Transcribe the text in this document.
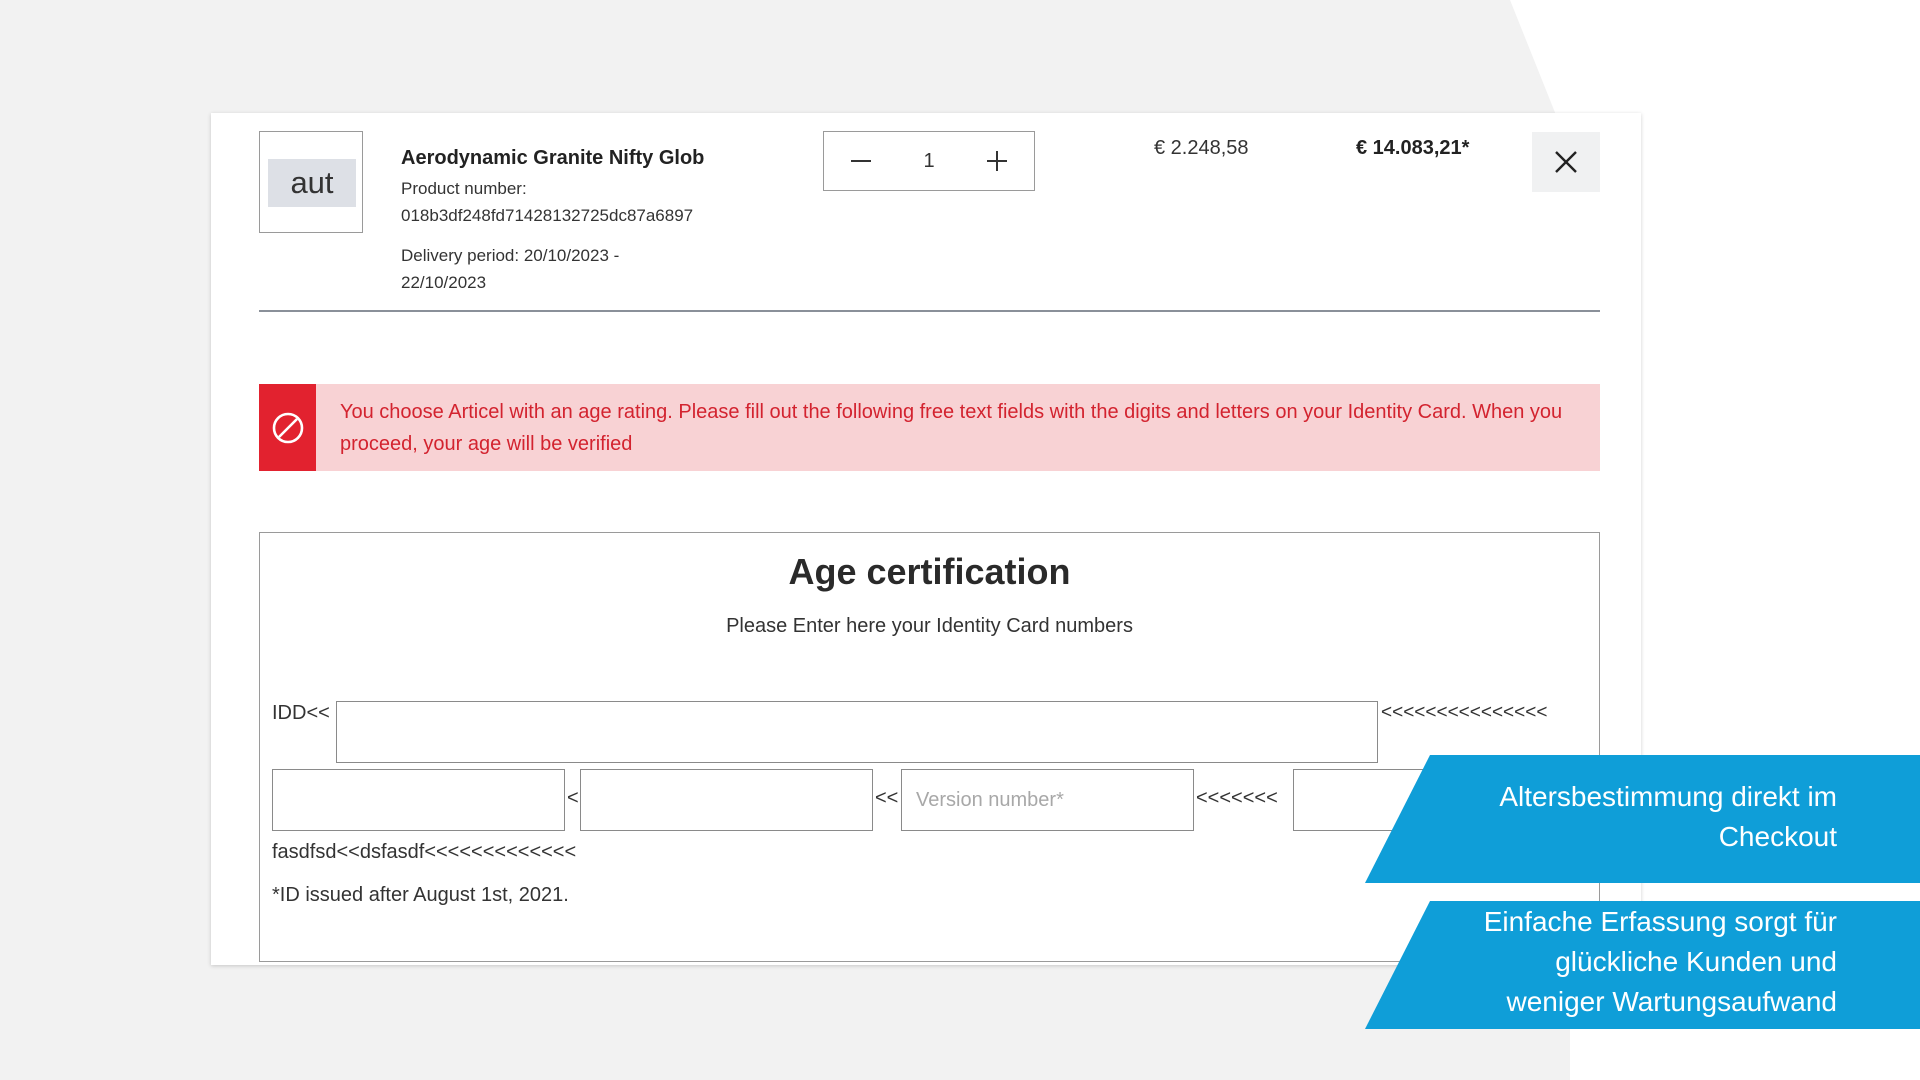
aut
Aerodynamic Granite Nifty Glob
Product number:
018b3df248fd71428132725dc87a6897
Delivery period: 20/10/2023 -
22/10/2023
1
€ 2.248,58	€ 14.083,21*
You choose Articel with an age rating. Please fill out the following free text fields with the digits and letters on your Identity Card. When you proceed, your age will be verified
Age certification
Please Enter here your Identity Card numbers
IDD<<	<<<<<<<<<<<<<<<
<	<<
Version number*	<<<<<<<
fasdfsd<<dsfasdf<<<<<<<<<<<<<
*ID issued after August 1st, 2021.
Altersbestimmung direkt im
Checkout
Einfache Erfassung sorgt für
glückliche Kunden und
weniger Wartungsaufwand
